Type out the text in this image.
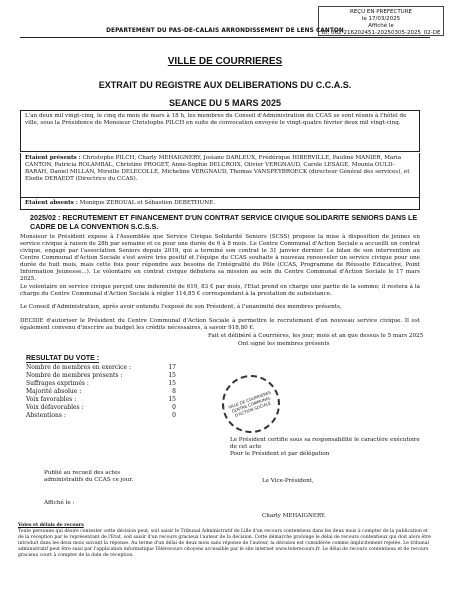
REÇU EN PREFECTURE
le 17/03/2025
Affiché le
ID: 062-216202451-20250305-2025_02-DE
DEPARTEMENT DU PAS-DE-CALAIS ARRONDISSEMENT DE LENS CANTON
VILLE DE COURRIERES
EXTRAIT DU REGISTRE AUX DELIBERATIONS DU C.C.A.S.
SEANCE DU 5 MARS 2025
L'an deux mil vingt-cinq, le cinq du mois de mars à 18 h, les membres du Conseil d'Administration du CCAS se sont réunis à l'hôtel de ville, sous la Présidence de Monsieur Christophe PILCH en suite de convocation envoyée le vingt-quatre février deux mil vingt-cinq.
Etaient présents : Christophe PILCH, Charly MEHAIGNERY, Josiane DARLEUX, Frédérique HIBERVILLE, Pauline MANIER, Maria CANTON, Patricia ROLAMBAL, Christine PROGET, Anne-Sophie DELCROIX, Olivier VERGNAUD, Carole LESAGE, Mounia OULD-BARAH, Daniel MILLAN, Mireille DELECOLLE, Micheline VERGNAUD, Thomas VANSPEYBROECK (directeur Général des services), et Elodie DERAEDT (Directrice du CCAS).
Etaient absents : Monique ZEROUAL et Sébastien DEBETHUNE.
2025/02 : RECRUTEMENT ET FINANCEMENT D'UN CONTRAT SERVICE CIVIQUE SOLIDARITE SENIORS DANS LE CADRE DE LA CONVENTION S.C.S.S.
Monsieur le Président expose à l'Assemblée que Service Civique Solidarité Seniors (SCSS) propose la mise à disposition de jeunes en service civique à raison de 28h par semaine et ce pour une durée de 6 à 8 mois. Le Centre Communal d'Action Sociale a accueilli un contrat civique, engagé par l'association Seniors depuis 2019, qui a terminé son contrat le 31 janvier dernier. Le bilan de son intervention au Centre Communal d'Action Sociale s'est avéré très positif et l'équipe du CCAS souhaite à nouveau renouveler un service civique pour une durée de huit mois, mais cette fois pour répondre aux besoins de l'intégralité du Pôle (CCAS, Programme de Réussite Educative, Point Information Jeunesse...). Le volontaire en contrat civique débutera sa mission au sein du Centre Communal d'Action Sociale le 17 mars 2025.
Le volontaire en service civique perçoit une indemnité de 619, 83 € par mois, l'Etat prend en charge une partie de la somme; il restera à la charge du Centre Communal d'Action Sociale à régler 114,85 € correspondant à la prestation de subsistance.
Le Conseil d'Administration, après avoir entendu l'exposé de son Président, à l'unanimité des membres présents,
DECIDE d'autoriser le Président du Centre Communal d'Action Sociale à permettre le recrutement d'un nouveau service civique. Il est également convenu d'inscrire au budget les crédits nécessaires, à savoir 918,80 €.
Fait et délibéré à Courrières, les jour, mois et an que dessus le 5 mars 2025
Ont signé les membres présents
RESULTAT DU VOTE :
Nombre de membres en exercice :	17
Nombre de membres présents :	15
Suffrages exprimés :	15
Majorité absolue :	8
Voix favorables :	15
Voix défavorables :	0
Abstentions :	0
VILLE DE COURRIERES CENTRE COMMUNAL D'ACTION SOCIALE
Le Président certifie sous sa responsabilité le caractère exécutoire de cet acte
Pour le Président et par délégation
Publié au recueil des actes administratifs du CCAS ce jour.
Affiché le :
Le Vice-Président,
Charly MEHAIGNERY.
Voies et délais de recours
Toute personne qui désire contester cette décision peut, soit saisir le Tribunal Administratif de Lille d'un recours contentieux dans les deux mois à compter de la publication et de la réception par le représentant de l'Etat, soit saisir d'un recours gracieux l'auteur de la décision. Cette démarche prolonge le délai de recours contentieux qui doit alors être introduit dans les deux mois suivant la réponse. Au terme d'un délai de deux mois sans réponse de l'auteur, la décision est considérée comme implicitement rejetée. Le tribunal administratif peut être saisi par l'application informatique Télérecours citoyens accessible par le site internet www.telerecours.fr. Le délai de recours contentieux et de recours gracieux court à compter de la date de réception.
